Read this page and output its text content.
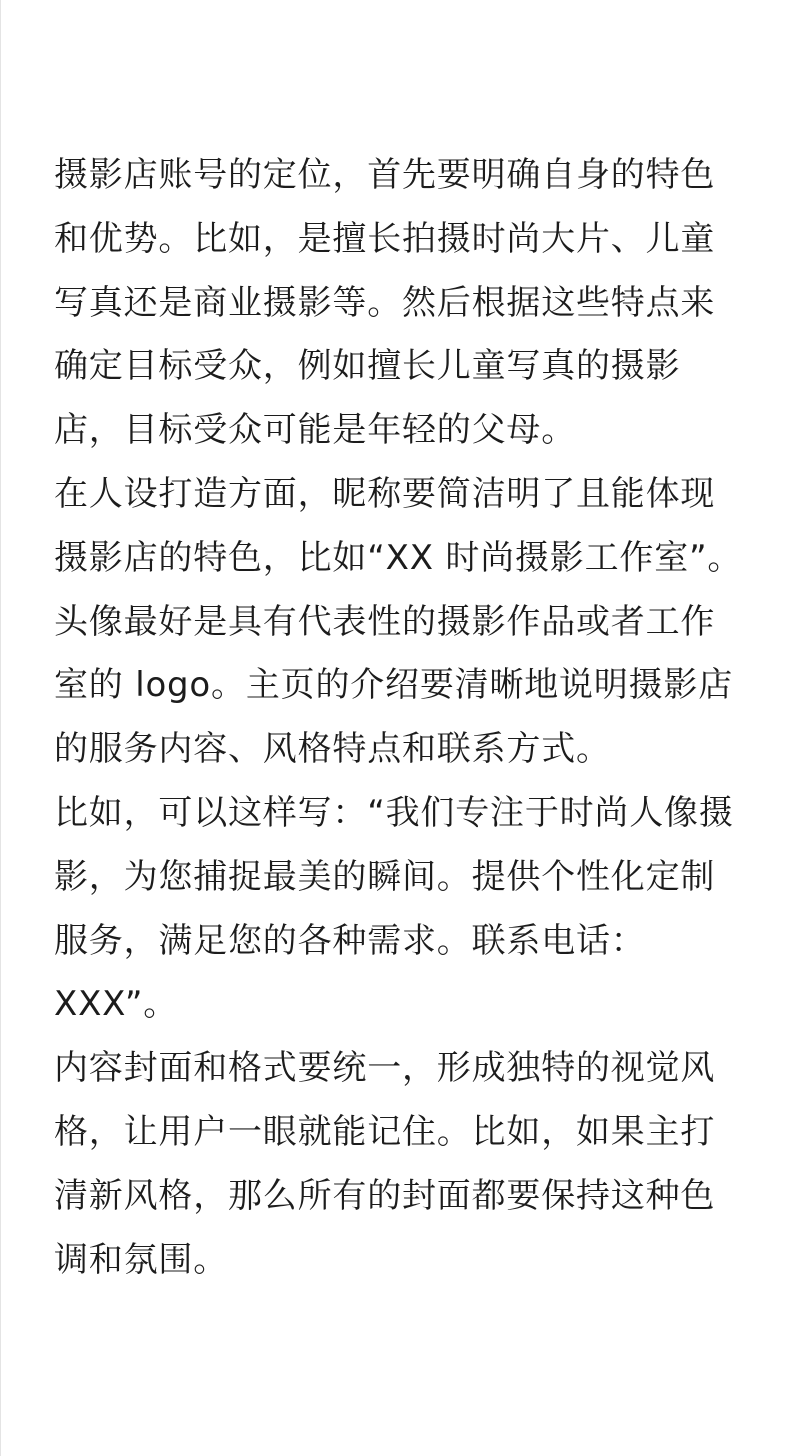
摄影店账号的定位，首先要明确自身的特色
和优势。比如，是擅长拍摄时尚大片、儿童
写真还是商业摄影等。然后根据这些特点来
确定目标受众，例如擅长儿童写真的摄影
店，目标受众可能是年轻的父母。

在人设打造方面，昵称要简洁明了且能体现
摄影店的特色，比如“XX 时尚摄影工作室”。
头像最好是具有代表性的摄影作品或者工作
室的 logo。主页的介绍要清晰地说明摄影店
的服务内容、风格特点和联系方式。

比如，可以这样写：“我们专注于时尚人像摄
影，为您捕捉最美的瞬间。提供个性化定制
服务，满足您的各种需求。联系电话：
XXX”。

内容封面和格式要统一，形成独特的视觉风
格，让用户一眼就能记住。比如，如果主打
清新风格，那么所有的封面都要保持这种色
调和氛围。
